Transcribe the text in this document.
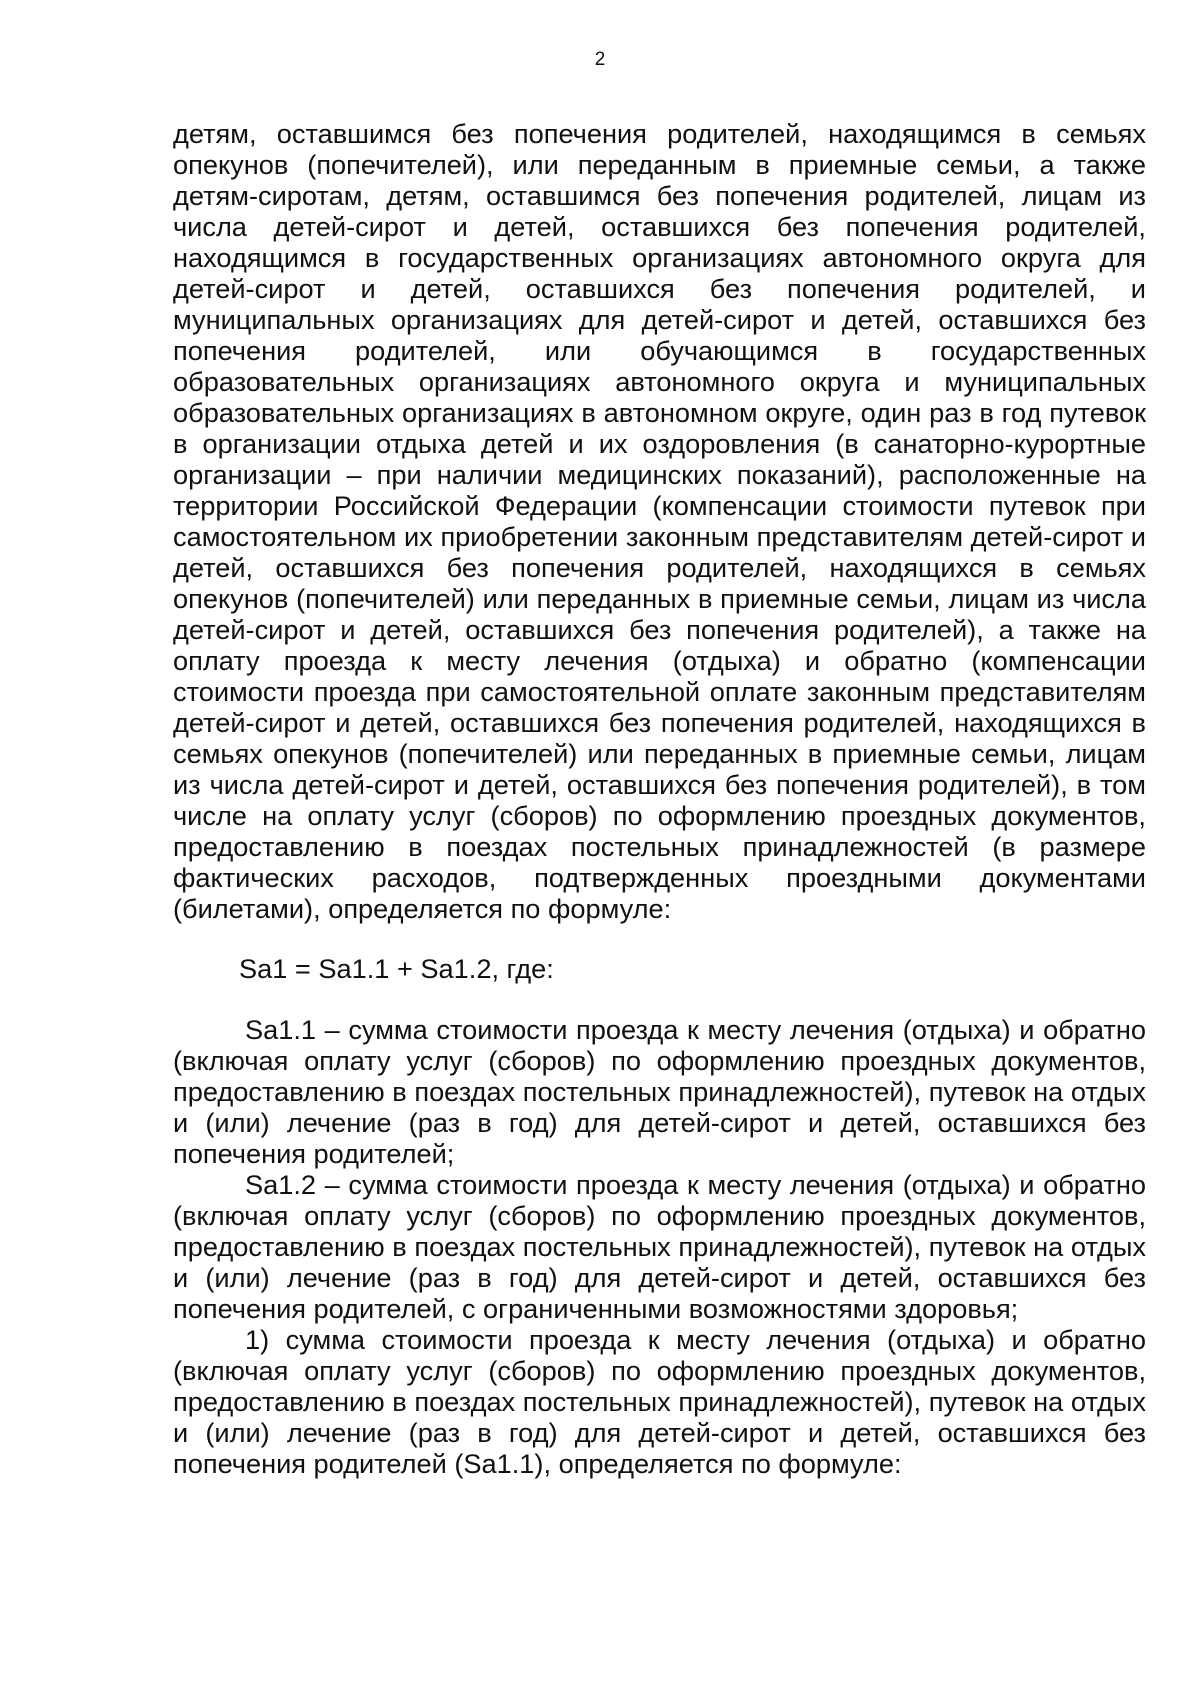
2

детям, оставшимся без попечения родителей, находящимся в семьях опекунов (попечителей), или переданным в приемные семьи, а также детям-сиротам, детям, оставшимся без попечения родителей, лицам из числа детей-сирот и детей, оставшихся без попечения родителей, находящимся в государственных организациях автономного округа для детей-сирот и детей, оставшихся без попечения родителей, и муниципальных организациях для детей-сирот и детей, оставшихся без попечения родителей, или обучающимся в государственных образовательных организациях автономного округа и муниципальных образовательных организациях в автономном округе, один раз в год путевок в организации отдыха детей и их оздоровления (в санаторно-курортные организации – при наличии медицинских показаний), расположенные на территории Российской Федерации (компенсации стоимости путевок при самостоятельном их приобретении законным представителям детей-сирот и детей, оставшихся без попечения родителей, находящихся в семьях опекунов (попечителей) или переданных в приемные семьи, лицам из числа детей-сирот и детей, оставшихся без попечения родителей), а также на оплату проезда к месту лечения (отдыха) и обратно (компенсации стоимости проезда при самостоятельной оплате законным представителям детей-сирот и детей, оставшихся без попечения родителей, находящихся в семьях опекунов (попечителей) или переданных в приемные семьи, лицам из числа детей-сирот и детей, оставшихся без попечения родителей), в том числе на оплату услуг (сборов) по оформлению проездных документов, предоставлению в поездах постельных принадлежностей (в размере фактических расходов, подтвержденных проездными документами (билетами), определяется по формуле:

Sa1 = Sa1.1 + Sa1.2, где:

Sa1.1 – сумма стоимости проезда к месту лечения (отдыха) и обратно (включая оплату услуг (сборов) по оформлению проездных документов, предоставлению в поездах постельных принадлежностей), путевок на отдых и (или) лечение (раз в год) для детей-сирот и детей, оставшихся без попечения родителей;

Sa1.2 – сумма стоимости проезда к месту лечения (отдыха) и обратно (включая оплату услуг (сборов) по оформлению проездных документов, предоставлению в поездах постельных принадлежностей), путевок на отдых и (или) лечение (раз в год) для детей-сирот и детей, оставшихся без попечения родителей, с ограниченными возможностями здоровья;

1) сумма стоимости проезда к месту лечения (отдыха) и обратно (включая оплату услуг (сборов) по оформлению проездных документов, предоставлению в поездах постельных принадлежностей), путевок на отдых и (или) лечение (раз в год) для детей-сирот и детей, оставшихся без попечения родителей (Sa1.1), определяется по формуле:
